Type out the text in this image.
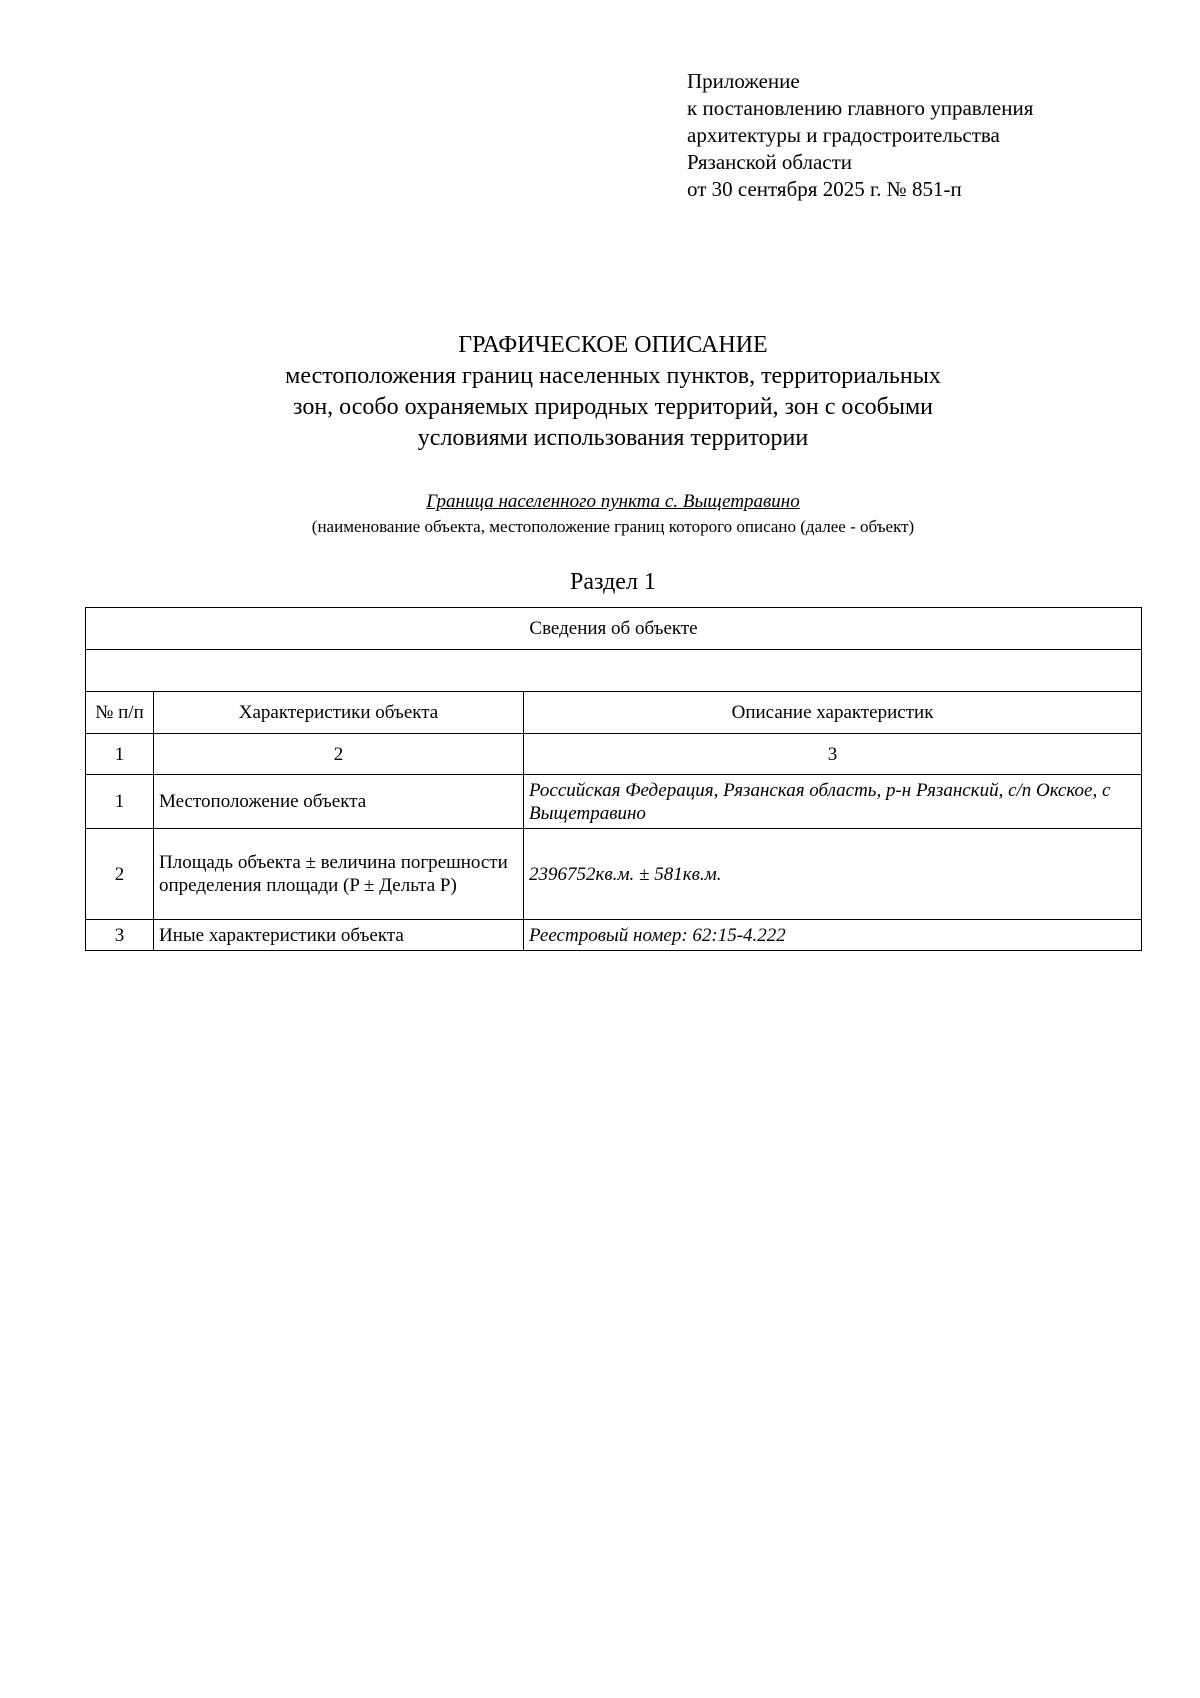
Приложение
к постановлению главного управления
архитектуры и градостроительства
Рязанской области
от 30 сентября 2025 г. № 851-п
ГРАФИЧЕСКОЕ ОПИСАНИЕ
местоположения границ населенных пунктов, территориальных
зон, особо охраняемых природных территорий, зон с особыми
условиями использования территории
Граница населенного пункта с. Выщетравино
(наименование объекта, местоположение границ которого описано (далее - объект)
Раздел 1
Сведения об объекте		

№ п/п	Характеристики объекта	Описание характеристик
1	2	3
1	Местоположение объекта	Российская Федерация, Рязанская область, р-н Рязанский, с/п Окское, с Выщетравино
2	Площадь объекта ± величина погрешности определения площади (P ± Дельта P)	2396752кв.м. ± 581кв.м.
3	Иные характеристики объекта	Реестровый номер: 62:15-4.222
